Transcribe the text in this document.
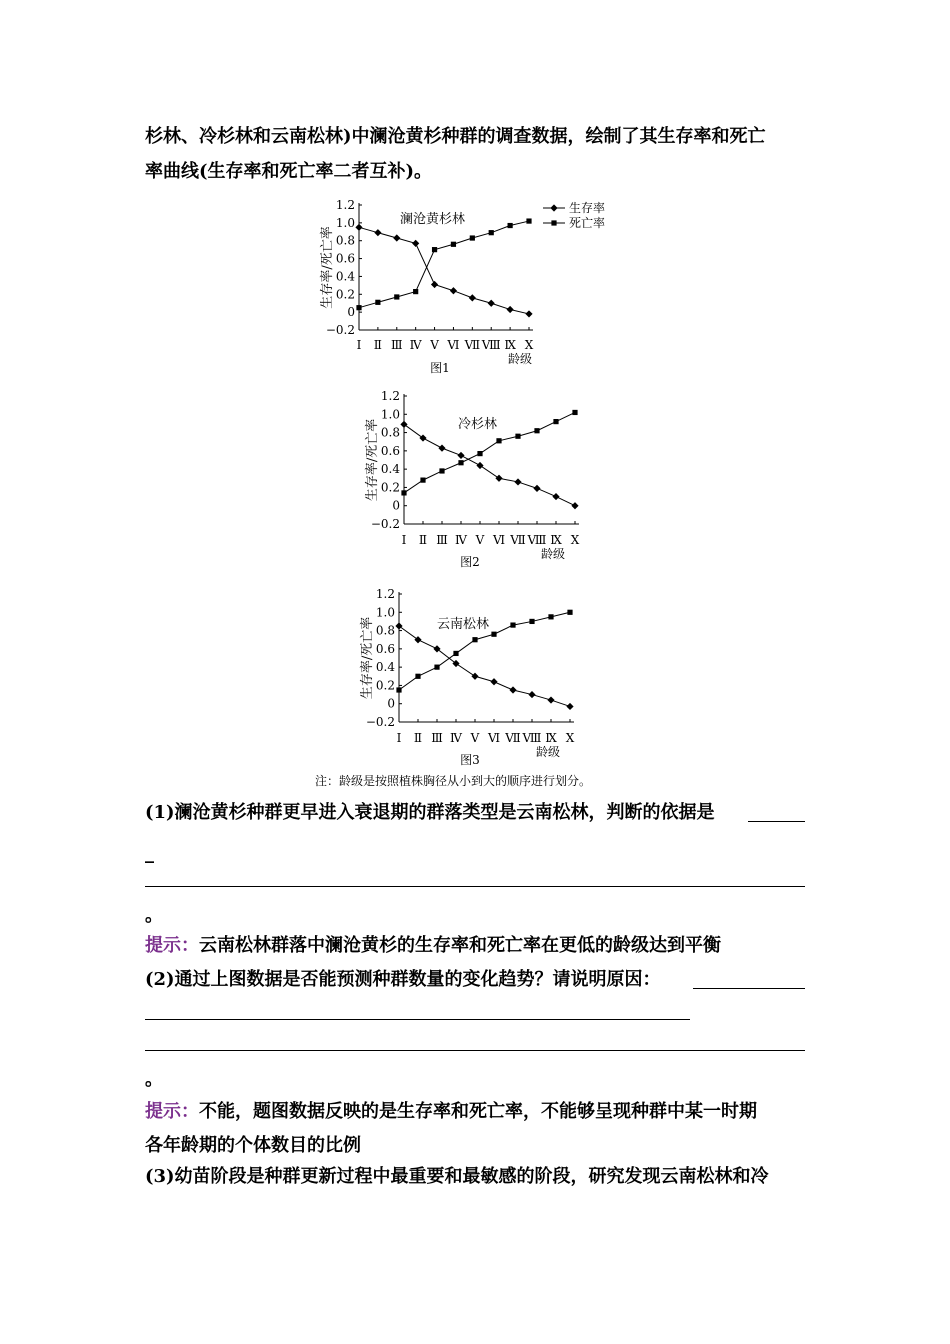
杉林、冷杉林和云南松林)中澜沧黄杉种群的调查数据，绘制了其生存率和死亡
率曲线(生存率和死亡率二者互补)。
1.2
1.0
0.8
0.6
0.4
0.2
0
−0.2
生存率/死亡率
Ⅰ Ⅱ Ⅲ Ⅳ Ⅴ Ⅵ Ⅶ Ⅷ Ⅸ Ⅹ
龄级
图1
澜沧黄杉林
生存率
死亡率
1.2
1.0
0.8
0.6
0.4
0.2
0
−0.2
生存率/死亡率
Ⅰ Ⅱ Ⅲ Ⅳ Ⅴ Ⅵ Ⅶ Ⅷ Ⅸ Ⅹ
龄级
图2
冷杉林
1.2
1.0
0.8
0.6
0.4
0.2
0
−0.2
生存率/死亡率
Ⅰ Ⅱ Ⅲ Ⅳ Ⅴ Ⅵ Ⅶ Ⅷ Ⅸ Ⅹ
龄级
图3
云南松林
注：龄级是按照植株胸径从小到大的顺序进行划分。
(1)澜沧黄杉种群更早进入衰退期的群落类型是云南松林，判断的依据是
_
。
提示：云南松林群落中澜沧黄杉的生存率和死亡率在更低的龄级达到平衡
(2)通过上图数据是否能预测种群数量的变化趋势？请说明原因：
。
提示：不能，题图数据反映的是生存率和死亡率，不能够呈现种群中某一时期
各年龄期的个体数目的比例
(3)幼苗阶段是种群更新过程中最重要和最敏感的阶段，研究发现云南松林和冷
